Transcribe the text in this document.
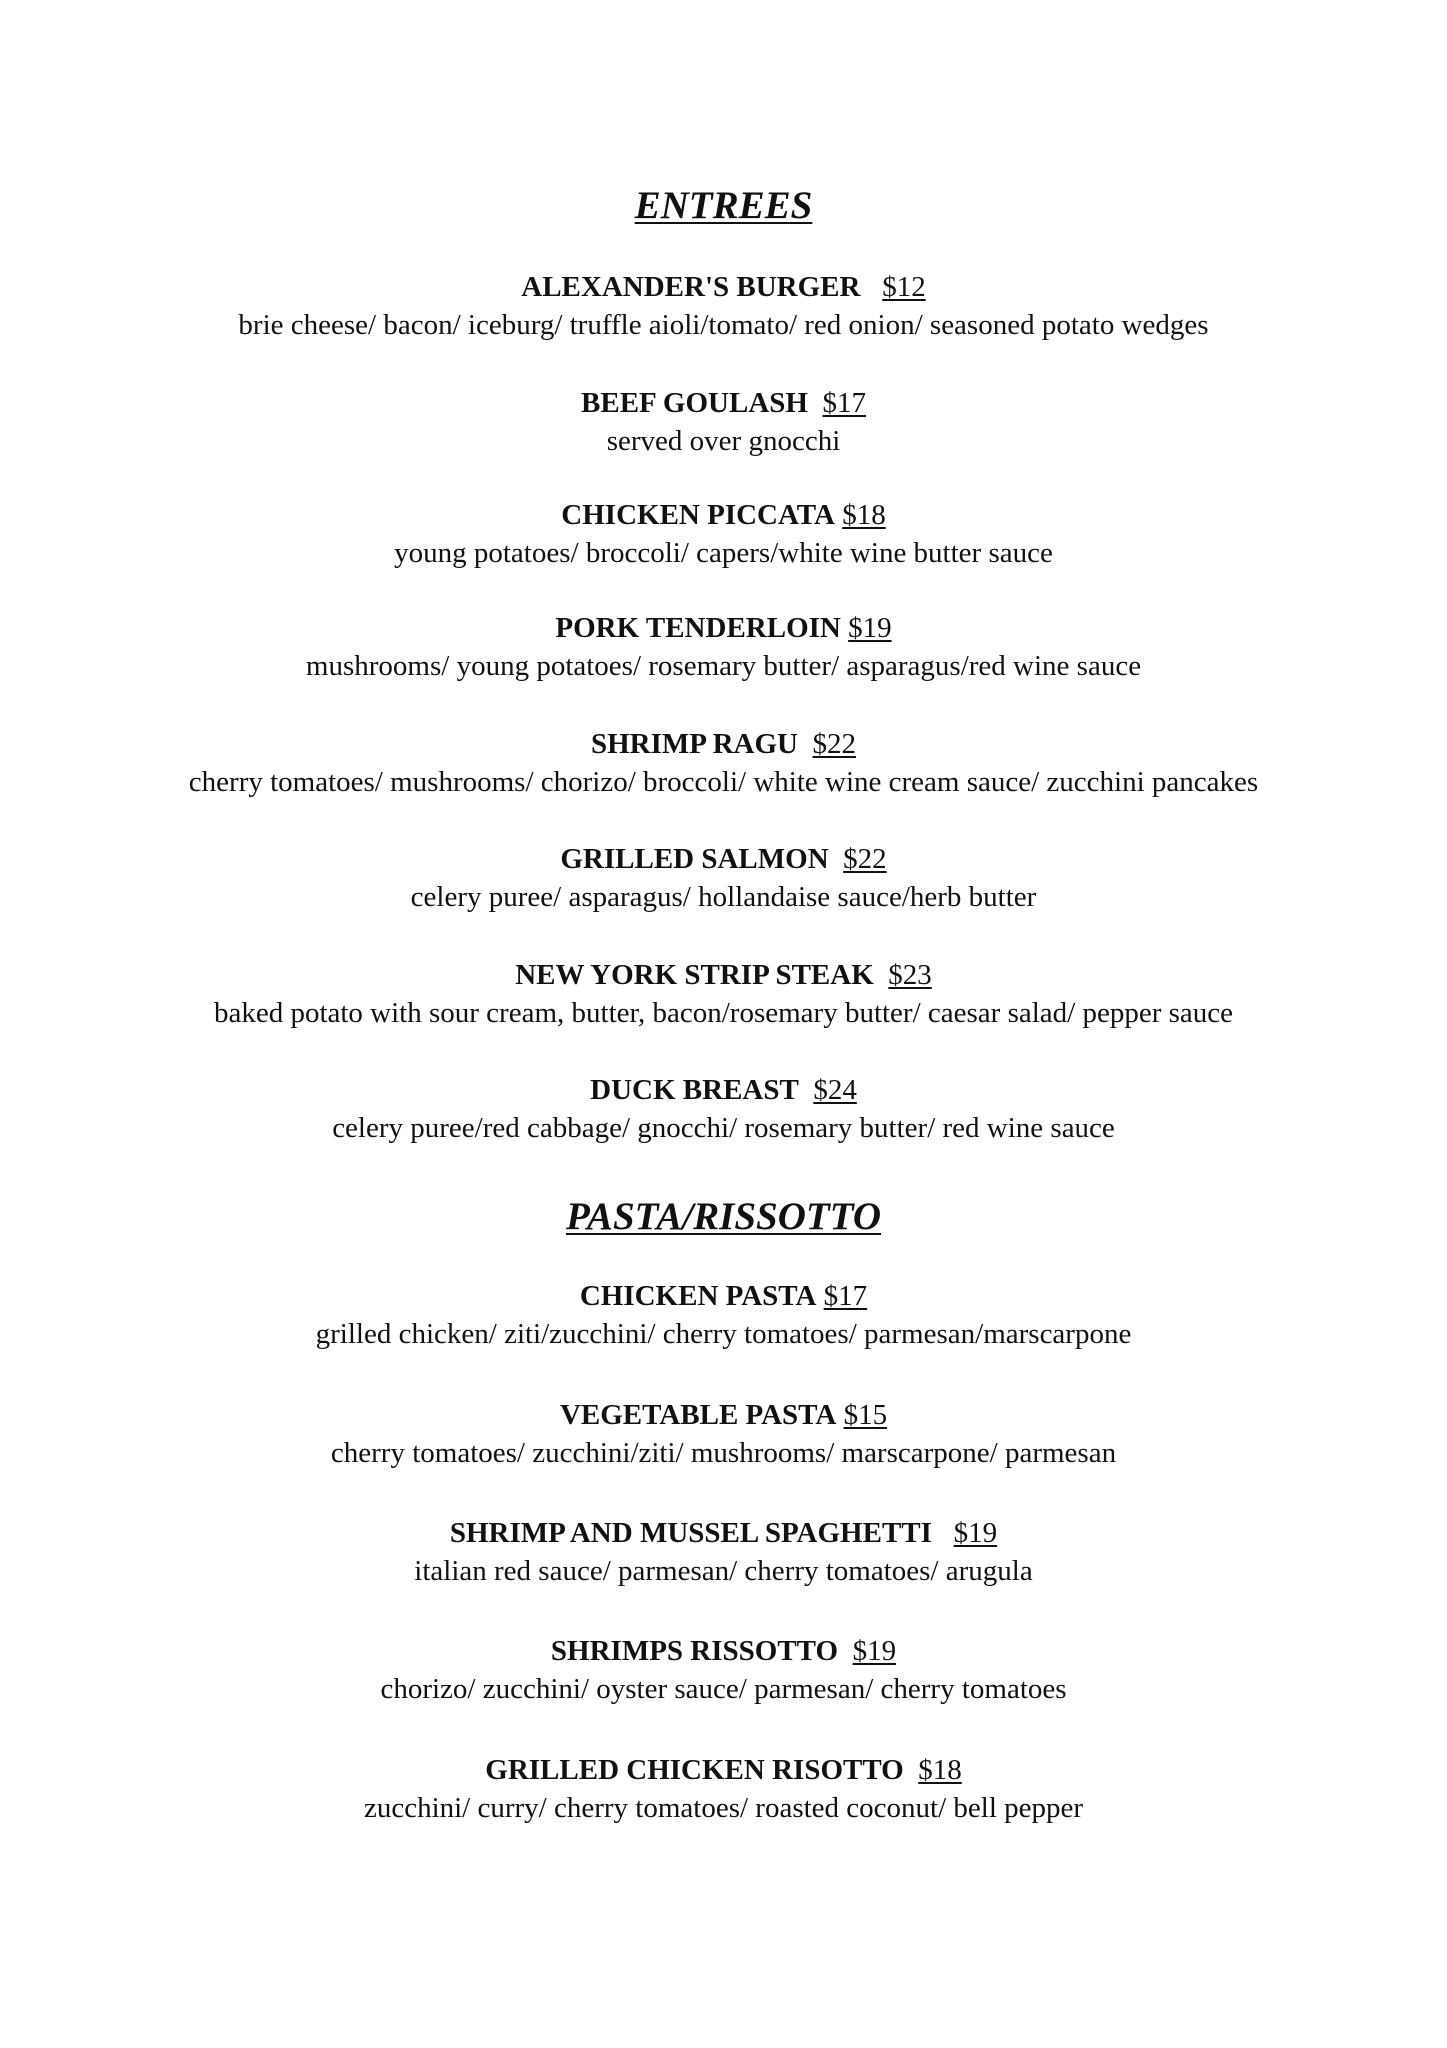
ENTREES
ALEXANDER'S BURGER $12
brie cheese/ bacon/ iceburg/ truffle aioli/tomato/ red onion/ seasoned potato wedges
BEEF GOULASH $17
served over gnocchi
CHICKEN PICCATA $18
young potatoes/ broccoli/ capers/white wine butter sauce
PORK TENDERLOIN $19
mushrooms/ young potatoes/ rosemary butter/ asparagus/red wine sauce
SHRIMP RAGU $22
cherry tomatoes/ mushrooms/ chorizo/ broccoli/ white wine cream sauce/ zucchini pancakes
GRILLED SALMON $22
celery puree/ asparagus/ hollandaise sauce/herb butter
NEW YORK STRIP STEAK $23
baked potato with sour cream, butter, bacon/rosemary butter/ caesar salad/ pepper sauce
DUCK BREAST $24
celery puree/red cabbage/ gnocchi/ rosemary butter/ red wine sauce
PASTA/RISSOTTO
CHICKEN PASTA $17
grilled chicken/ ziti/zucchini/ cherry tomatoes/ parmesan/marscarpone
VEGETABLE PASTA $15
cherry tomatoes/ zucchini/ziti/ mushrooms/ marscarpone/ parmesan
SHRIMP AND MUSSEL SPAGHETTI $19
italian red sauce/ parmesan/ cherry tomatoes/ arugula
SHRIMPS RISSOTTO $19
chorizo/ zucchini/ oyster sauce/ parmesan/ cherry tomatoes
GRILLED CHICKEN RISOTTO $18
zucchini/ curry/ cherry tomatoes/ roasted coconut/ bell pepper
